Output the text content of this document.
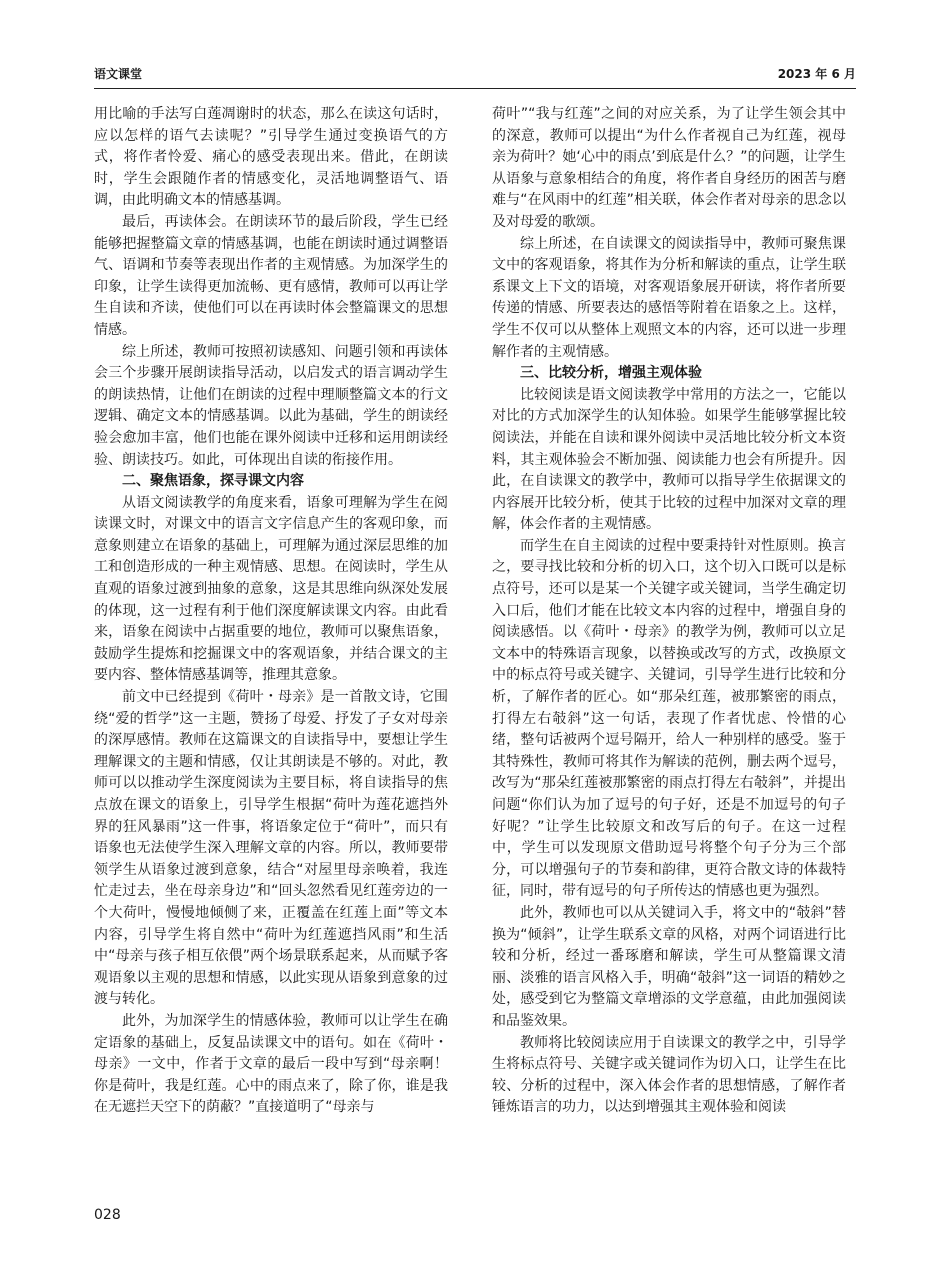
语文课堂	2023 年 6 月

用比喻的手法写白莲凋谢时的状态，那么在读这句话时，应以怎样的语气去读呢？”引导学生通过变换语气的方式，将作者怜爱、痛心的感受表现出来。借此，在朗读时，学生会跟随作者的情感变化，灵活地调整语气、语调，由此明确文本的情感基调。

最后，再读体会。在朗读环节的最后阶段，学生已经能够把握整篇文章的情感基调，也能在朗读时通过调整语气、语调和节奏等表现出作者的主观情感。为加深学生的印象，让学生读得更加流畅、更有感情，教师可以再让学生自读和齐读，使他们可以在再读时体会整篇课文的思想情感。

综上所述，教师可按照初读感知、问题引领和再读体会三个步骤开展朗读指导活动，以启发式的语言调动学生的朗读热情，让他们在朗读的过程中理顺整篇文本的行文逻辑、确定文本的情感基调。以此为基础，学生的朗读经验会愈加丰富，他们也能在课外阅读中迁移和运用朗读经验、朗读技巧。如此，可体现出自读的衔接作用。

二、聚焦语象，探寻课文内容

从语文阅读教学的角度来看，语象可理解为学生在阅读课文时，对课文中的语言文字信息产生的客观印象，而意象则建立在语象的基础上，可理解为通过深层思维的加工和创造形成的一种主观情感、思想。在阅读时，学生从直观的语象过渡到抽象的意象，这是其思维向纵深处发展的体现，这一过程有利于他们深度解读课文内容。由此看来，语象在阅读中占据重要的地位，教师可以聚焦语象，鼓励学生提炼和挖掘课文中的客观语象，并结合课文的主要内容、整体情感基调等，推理其意象。

前文中已经提到《荷叶・母亲》是一首散文诗，它围绕“爱的哲学”这一主题，赞扬了母爱、抒发了子女对母亲的深厚感情。教师在这篇课文的自读指导中，要想让学生理解课文的主题和情感，仅让其朗读是不够的。对此，教师可以以推动学生深度阅读为主要目标，将自读指导的焦点放在课文的语象上，引导学生根据“荷叶为莲花遮挡外界的狂风暴雨”这一件事，将语象定位于“荷叶”，而只有语象也无法使学生深入理解文章的内容。所以，教师要带领学生从语象过渡到意象，结合“对屋里母亲唤着，我连忙走过去，坐在母亲身边”和“回头忽然看见红莲旁边的一个大荷叶，慢慢地倾侧了来，正覆盖在红莲上面”等文本内容，引导学生将自然中“荷叶为红莲遮挡风雨”和生活中“母亲与孩子相互依偎”两个场景联系起来，从而赋予客观语象以主观的思想和情感，以此实现从语象到意象的过渡与转化。

此外，为加深学生的情感体验，教师可以让学生在确定语象的基础上，反复品读课文中的语句。如在《荷叶・母亲》一文中，作者于文章的最后一段中写到“母亲啊！你是荷叶，我是红莲。心中的雨点来了，除了你，谁是我在无遮拦天空下的荫蔽？”直接道明了“母亲与

荷叶”“我与红莲”之间的对应关系，为了让学生领会其中的深意，教师可以提出“为什么作者视自己为红莲，视母亲为荷叶？她‘心中的雨点’到底是什么？”的问题，让学生从语象与意象相结合的角度，将作者自身经历的困苦与磨难与“在风雨中的红莲”相关联，体会作者对母亲的思念以及对母爱的歌颂。

综上所述，在自读课文的阅读指导中，教师可聚焦课文中的客观语象，将其作为分析和解读的重点，让学生联系课文上下文的语境，对客观语象展开研读，将作者所要传递的情感、所要表达的感悟等附着在语象之上。这样，学生不仅可以从整体上观照文本的内容，还可以进一步理解作者的主观情感。

三、比较分析，增强主观体验

比较阅读是语文阅读教学中常用的方法之一，它能以对比的方式加深学生的认知体验。如果学生能够掌握比较阅读法，并能在自读和课外阅读中灵活地比较分析文本资料，其主观体验会不断加强、阅读能力也会有所提升。因此，在自读课文的教学中，教师可以指导学生依据课文的内容展开比较分析，使其于比较的过程中加深对文章的理解，体会作者的主观情感。

而学生在自主阅读的过程中要秉持针对性原则。换言之，要寻找比较和分析的切入口，这个切入口既可以是标点符号，还可以是某一个关键字或关键词，当学生确定切入口后，他们才能在比较文本内容的过程中，增强自身的阅读感悟。以《荷叶・母亲》的教学为例，教师可以立足文本中的特殊语言现象，以替换或改写的方式，改换原文中的标点符号或关键字、关键词，引导学生进行比较和分析，了解作者的匠心。如“那朵红莲，被那繁密的雨点，打得左右攲斜”这一句话，表现了作者忧虑、怜惜的心绪，整句话被两个逗号隔开，给人一种别样的感受。鉴于其特殊性，教师可将其作为解读的范例，删去两个逗号，改写为“那朵红莲被那繁密的雨点打得左右攲斜”，并提出问题“你们认为加了逗号的句子好，还是不加逗号的句子好呢？”让学生比较原文和改写后的句子。在这一过程中，学生可以发现原文借助逗号将整个句子分为三个部分，可以增强句子的节奏和韵律，更符合散文诗的体裁特征，同时，带有逗号的句子所传达的情感也更为强烈。

此外，教师也可以从关键词入手，将文中的“攲斜”替换为“倾斜”，让学生联系文章的风格，对两个词语进行比较和分析，经过一番琢磨和解读，学生可从整篇课文清丽、淡雅的语言风格入手，明确“攲斜”这一词语的精妙之处，感受到它为整篇文章增添的文学意蕴，由此加强阅读和品鉴效果。

教师将比较阅读应用于自读课文的教学之中，引导学生将标点符号、关键字或关键词作为切入口，让学生在比较、分析的过程中，深入体会作者的思想情感，了解作者锤炼语言的功力，以达到增强其主观体验和阅读

028
